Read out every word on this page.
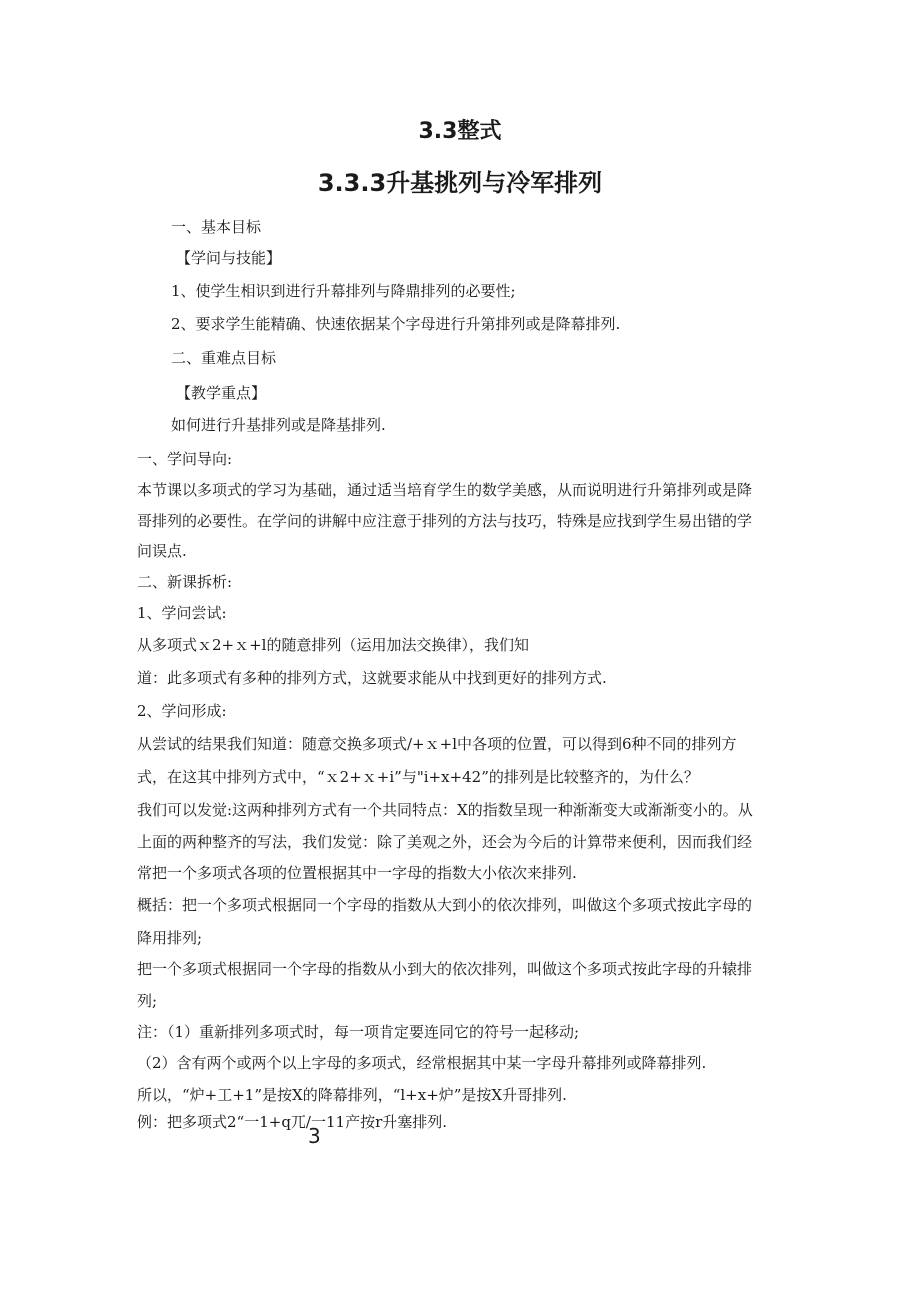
3.3整式
3.3.3升基挑列与冷军排列
一、基本目标
【学问与技能】
1、使学生相识到进行升幕排列与降鼎排列的必要性;
2、要求学生能精确、快速依据某个字母进行升第排列或是降幕排列.
二、重难点目标
【教学重点】
如何进行升基排列或是降基排列.
一、学问导向:
本节课以多项式的学习为基础，通过适当培育学生的数学美感，从而说明进行升第排列或是降
哥排列的必要性。在学问的讲解中应注意于排列的方法与技巧，特殊是应找到学生易出错的学
问误点.
二、新课拆析:
1、学问尝试:
从多项式ｘ2+ｘ+l的随意排列（运用加法交换律），我们知
道：此多项式有多种的排列方式，这就要求能从中找到更好的排列方式.
2、学问形成:
从尝试的结果我们知道：随意交换多项式/+ｘ+l中各项的位置，可以得到6种不同的排列方
式，在这其中排列方式中，“ｘ2+ｘ+i”与"i+x+42”的排列是比较整齐的，为什么？
我们可以发觉:这两种排列方式有一个共同特点：X的指数呈现一种渐渐变大或渐渐变小的。从
上面的两种整齐的写法，我们发觉：除了美观之外，还会为今后的计算带来便利，因而我们经
常把一个多项式各项的位置根据其中一字母的指数大小依次来排列.
概括：把一个多项式根据同一个字母的指数从大到小的依次排列，叫做这个多项式按此字母的
降用排列;
把一个多项式根据同一个字母的指数从小到大的依次排列，叫做这个多项式按此字母的升辕排
列;
注：（1）重新排列多项式时，每一项肯定要连同它的符号一起移动;
（2）含有两个或两个以上字母的多项式，经常根据其中某一字母升幕排列或降幕排列.
所以，“炉+工+1”是按X的降幕排列，“l+x+炉”是按X升哥排列.
例：把多项式2“一1+q兀/一11产按r升塞排列.
3
